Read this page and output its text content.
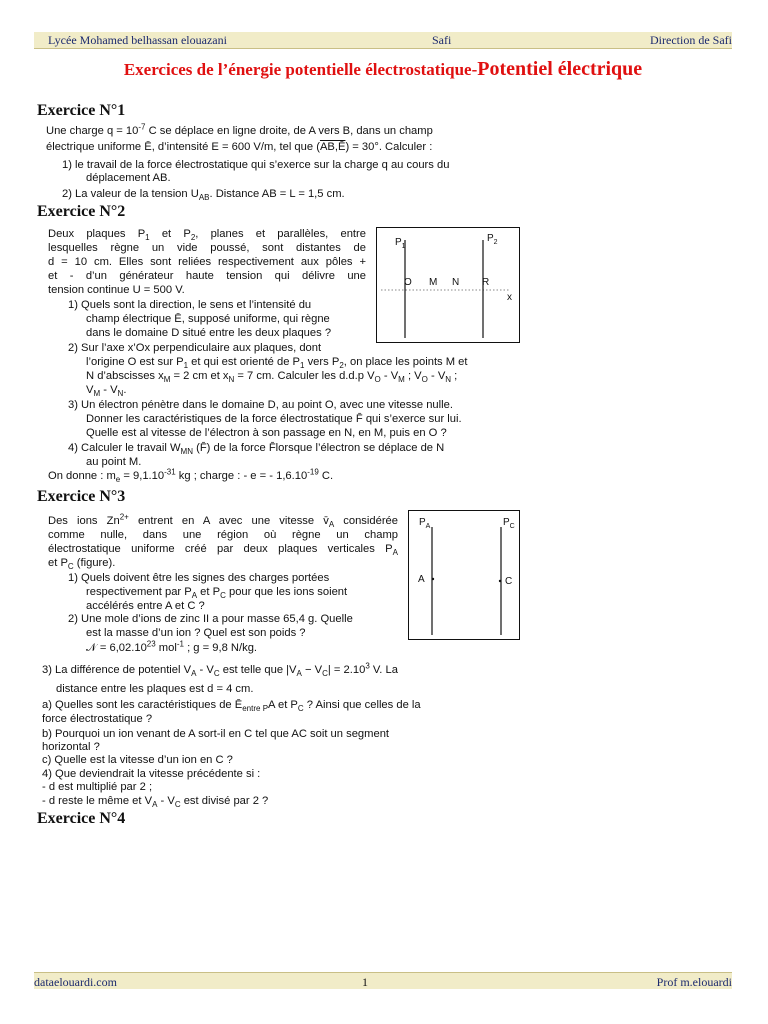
Lycée Mohamed belhassan elouazani	Safi	Direction de Safi
Exercices de l’énergie potentielle électrostatique-Potentiel électrique
Exercice N°1
Une charge $q = 10^{-7}$ C se déplace en ligne droite, de A vers B, dans un champ
électrique uniforme Ē, d’intensité E = 600 V/m, tel que (AB,Ē) = 30°. Calculer :
1) le travail de la force électrostatique qui s’exerce sur la charge q au cours du
déplacement AB.
2) La valeur de la tension $U_{AB}$. Distance AB = L = 1,5 cm.
Exercice N°2
Deux plaques $P_1$ et $P_2$, planes et parallèles, entre
lesquelles règne un vide poussé, sont distantes de
d = 10 cm. Elles sont reliées respectivement aux pôles +
et - d’un générateur haute tension qui délivre une
tension continue U = 500 V.
1) Quels sont la direction, le sens et l’intensité du
champ électrique Ē, supposé uniforme, qui règne
dans le domaine D situé entre les deux plaques ?
2) Sur l’axe x’Ox perpendiculaire aux plaques, dont
l’origine O est sur $P_1$ et qui est orienté de $P_1$ vers $P_2$, on place les points M et
N d’abscisses $x_M = 2$ cm et $x_N = 7$ cm. Calculer les d.d.p $V_O - V_M$ ; $V_O - V_N$ ;
$V_M - V_N$.
3) Un électron pénètre dans le domaine D, au point O, avec une vitesse nulle.
Donner les caractéristiques de la force électrostatique F̄ qui s’exerce sur lui.
Quelle est al vitesse de l’électron à son passage en N, en M, puis en O ?
4) Calculer le travail $W_{MN}$ (F̄) de la force F̄lorsque l’électron se déplace de N
au point M.
On donne : $m_e = 9,1.10^{-31}$ kg ; charge : - e = - $1,6.10^{-19}$ C.
$P_1$
$P_2$
O M N R
x
Exercice N°3
Des ions $Zn^{2+}$ entrent en A avec une vitesse $v̄_A$ considérée
comme nulle, dans une région où règne un champ
électrostatique uniforme créé par deux plaques verticales $P_A$
et $P_C$ (figure).
1) Quels doivent être les signes des charges portées
respectivement par $P_A$ et $P_C$ pour que les ions soient
accélérés entre A et C ?
2) Une mole d’ions de zinc II a pour masse 65,4 g. Quelle
est la masse d’un ion ? Quel est son poids ?
𝒩 = $6,02.10^{23}$ mol$^{-1}$ ; g = 9,8 N/kg.
$P_A$	$P_C$
A	C
3) La différence de potentiel $V_A - V_C$ est telle que $|V_A - V_C| = 2.10^3$ V. La
distance entre les plaques est d = 4 cm.
a) Quelles sont les caractéristiques de $Ē_{entre P}A$ et $P_C$ ? Ainsi que celles de la
force électrostatique ?
b) Pourquoi un ion venant de A sort-il en C tel que AC soit un segment
horizontal ?
c) Quelle est la vitesse d’un ion en C ?
4) Que deviendrait la vitesse précédente si :
- d est multiplié par 2 ;
- d reste le même et $V_A - V_C$ est divisé par 2 ?
Exercice N°4
dataelouardi.com	1	Prof m.elouardi
